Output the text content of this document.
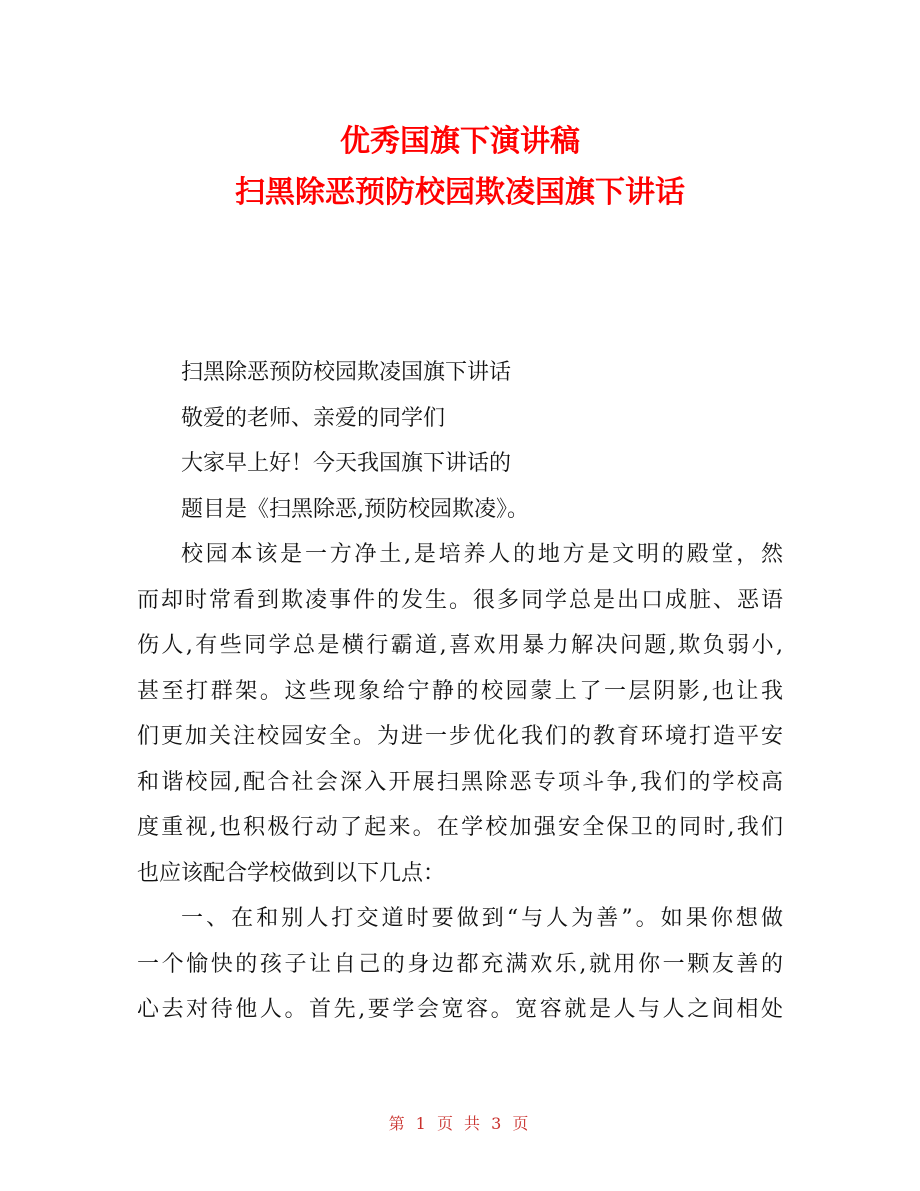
优秀国旗下演讲稿
扫黑除恶预防校园欺凌国旗下讲话
扫黑除恶预防校园欺凌国旗下讲话
敬爱的老师、亲爱的同学们
大家早上好！今天我国旗下讲话的
题目是《扫黑除恶,预防校园欺凌》。
校园本该是一方净土,是培养人的地方是文明的殿堂，然
而却时常看到欺凌事件的发生。很多同学总是出口成脏、恶语
伤人,有些同学总是横行霸道,喜欢用暴力解决问题,欺负弱小,
甚至打群架。这些现象给宁静的校园蒙上了一层阴影,也让我
们更加关注校园安全。为进一步优化我们的教育环境打造平安
和谐校园,配合社会深入开展扫黑除恶专项斗争,我们的学校高
度重视,也积极行动了起来。在学校加强安全保卫的同时,我们
也应该配合学校做到以下几点：
一、在和别人打交道时要做到“与人为善”。如果你想做
一个愉快的孩子让自己的身边都充满欢乐,就用你一颗友善的
心去对待他人。首先,要学会宽容。宽容就是人与人之间相处
第 1 页 共 3 页
